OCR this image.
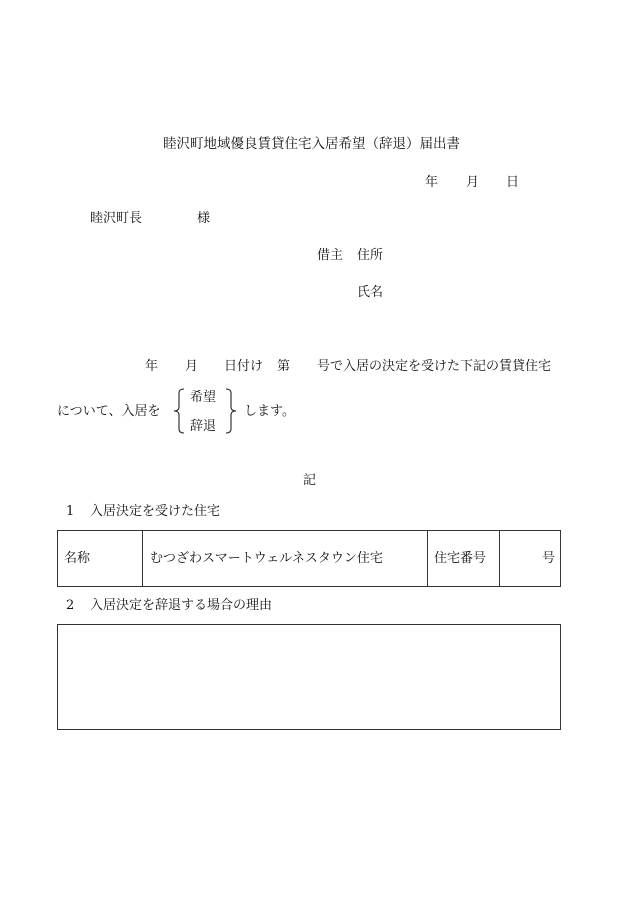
睦沢町地域優良賃貸住宅入居希望（辞退）届出書
年 月 日
睦沢町長	様
借主 住所
氏名
年 月 日付け 第 号で入居の決定を受けた下記の賃貸住宅
について、入居を
希望
辞退
します。
記
1 入居決定を受けた住宅
名称	むつざわスマートウェルネスタウン住宅	住宅番号	号
2 入居決定を辞退する場合の理由
